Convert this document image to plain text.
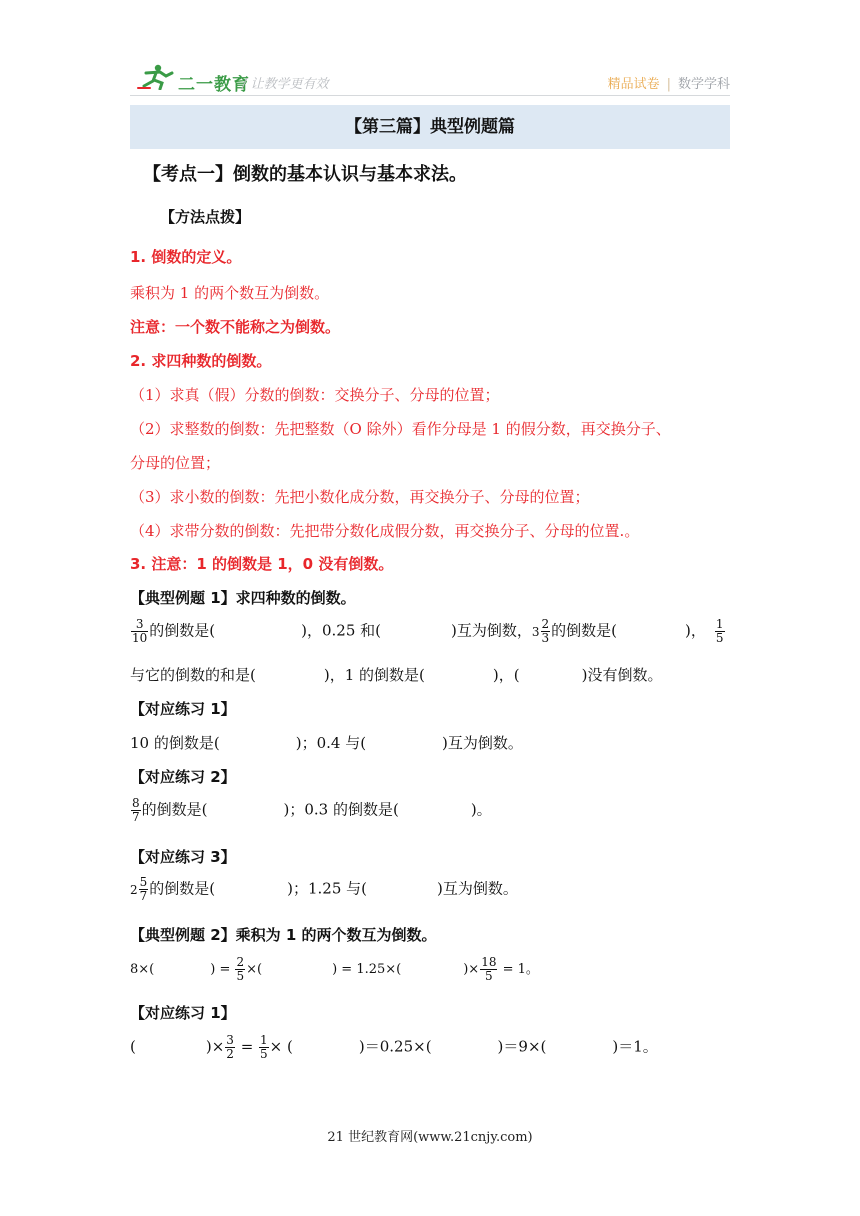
二一教育
/ 让教学更有效	精品试卷 | 数学学科
【第三篇】典型例题篇
【考点一】倒数的基本认识与基本求法。
【方法点拨】
1. 倒数的定义。
乘积为 1 的两个数互为倒数。
注意：一个数不能称之为倒数。
2. 求四种数的倒数。
（1）求真（假）分数的倒数：交换分子、分母的位置；
（2）求整数的倒数：先把整数（O 除外）看作分母是 1 的假分数，再交换分子、
分母的位置；
（3）求小数的倒数：先把小数化成分数，再交换分子、分母的位置；
（4）求带分数的倒数：先把带分数化成假分数，再交换分子、分母的位置.。
3. 注意：1 的倒数是 1，0 没有倒数。
【典型例题 1】求四种数的倒数。
$\frac{3}{10}$ 的倒数是(	)，0.25 和(	)互为倒数，$3 \frac{2}{3}$ 的倒数是(	)， $\frac{1}{5}$
与它的倒数的和是(	)，1 的倒数是(	)，(	)没有倒数。
【对应练习 1】
10 的倒数是(	)；0.4 与(	)互为倒数。
【对应练习 2】
$\frac{8}{7}$ 的倒数是(	)；0.3 的倒数是(	)。
【对应练习 3】
$2 \frac{5}{7}$ 的倒数是(	)；1.25 与(	)互为倒数。
【典型例题 2】乘积为 1 的两个数互为倒数。
8×(	) = $\frac{2}{5}$ ×(	) = 1.25×(	)× $\frac{18}{5} = 1$。
【对应练习 1】
(	)× $\frac{3}{2} = \frac{1}{5}$ × (	)＝0.25×(	)＝9×(	)＝1。
21 世纪教育网(www.21cnjy.com)
